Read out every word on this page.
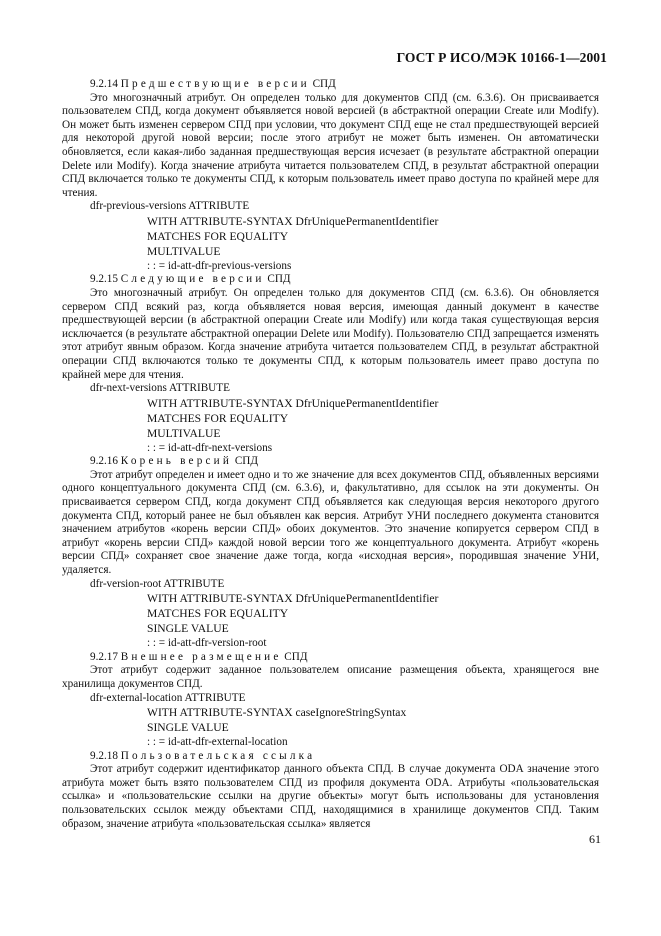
ГОСТ Р ИСО/МЭК 10166-1—2001

9.2.14 Предшествующие версии СПД

Это многозначный атрибут. Он определен только для документов СПД (см. 6.3.6). Он присваивается пользователем СПД, когда документ объявляется новой версией (в абстрактной операции Create или Modify). Он может быть изменен сервером СПД при условии, что документ СПД еще не стал предшествующей версией для некоторой другой новой версии; после этого атрибут не может быть изменен. Он автоматически обновляется, если какая-либо заданная предшествующая версия исчезает (в результате абстрактной операции Delete или Modify). Когда значение атрибута читается пользователем СПД, в результат абстрактной операции СПД включается только те документы СПД, к которым пользователь имеет право доступа по крайней мере для чтения.

dfr-previous-versions ATTRIBUTE

WITH ATTRIBUTE-SYNTAX DfrUniquePermanentIdentifier

MATCHES FOR EQUALITY

MULTIVALUE

: : = id-att-dfr-previous-versions

9.2.15 Следующие версии СПД

Это многозначный атрибут. Он определен только для документов СПД (см. 6.3.6). Он обновляется сервером СПД всякий раз, когда объявляется новая версия, имеющая данный документ в качестве предшествующей версии (в абстрактной операции Create или Modify) или когда такая существующая версия исключается (в результате абстрактной операции Delete или Modify). Пользователю СПД запрещается изменять этот атрибут явным образом. Когда значение атрибута читается пользователем СПД, в результат абстрактной операции СПД включаются только те документы СПД, к которым пользователь имеет право доступа по крайней мере для чтения.

dfr-next-versions ATTRIBUTE

WITH ATTRIBUTE-SYNTAX DfrUniquePermanentIdentifier

MATCHES FOR EQUALITY

MULTIVALUE

: : = id-att-dfr-next-versions

9.2.16 Корень версий СПД

Этот атрибут определен и имеет одно и то же значение для всех документов СПД, объявленных версиями одного концептуального документа СПД (см. 6.3.6), и, факультативно, для ссылок на эти документы. Он присваивается сервером СПД, когда документ СПД объявляется как следующая версия некоторого другого документа СПД, который ранее не был объявлен как версия. Атрибут УНИ последнего документа становится значением атрибутов «корень версии СПД» обоих документов. Это значение копируется сервером СПД в атрибут «корень версии СПД» каждой новой версии того же концептуального документа. Атрибут «корень версии СПД» сохраняет свое значение даже тогда, когда «исходная версия», породившая значение УНИ, удаляется.

dfr-version-root ATTRIBUTE

WITH ATTRIBUTE-SYNTAX DfrUniquePermanentIdentifier

MATCHES FOR EQUALITY

SINGLE VALUE

: : = id-att-dfr-version-root

9.2.17 Внешнее размещение СПД

Этот атрибут содержит заданное пользователем описание размещения объекта, хранящегося вне хранилища документов СПД.

dfr-external-location ATTRIBUTE

WITH ATTRIBUTE-SYNTAX caseIgnoreStringSyntax

SINGLE VALUE

: : = id-att-dfr-external-location

9.2.18 Пользовательская ссылка

Этот атрибут содержит идентификатор данного объекта СПД. В случае документа ODA значение этого атрибута может быть взято пользователем СПД из профиля документа ODA. Атрибуты «пользовательская ссылка» и «пользовательские ссылки на другие объекты» могут быть использованы для установления пользовательских ссылок между объектами СПД, находящимися в хранилище документов СПД. Таким образом, значение атрибута «пользовательская ссылка» является

61
